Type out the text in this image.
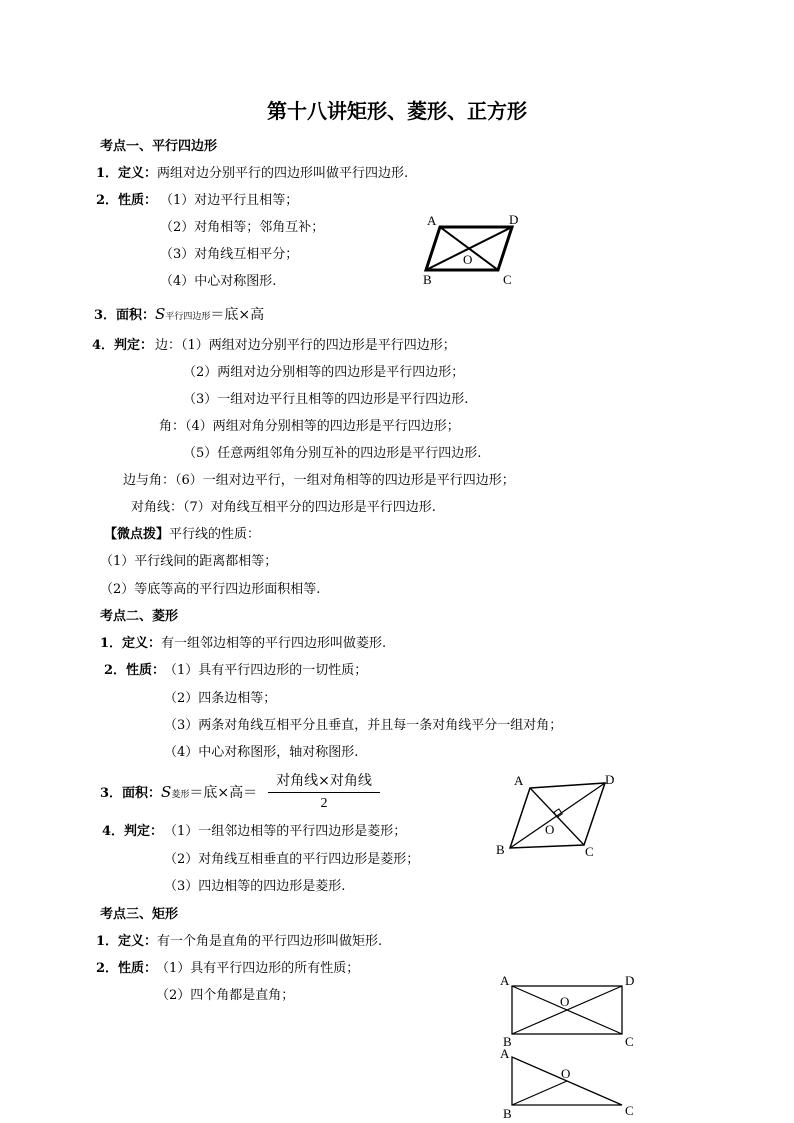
第十八讲矩形、菱形、正方形
考点一、平行四边形
1．定义：两组对边分别平行的四边形叫做平行四边形.
2．性质： （1）对边平行且相等；
（2）对角相等；邻角互补；
（3）对角线互相平分；
（4）中心对称图形.
A	D
B	C
O
3．面积：S平行四边形＝底×高
4．判定： 边：（1）两组对边分别平行的四边形是平行四边形；
（2）两组对边分别相等的四边形是平行四边形；
（3）一组对边平行且相等的四边形是平行四边形.
角：（4）两组对角分别相等的四边形是平行四边形；
（5）任意两组邻角分别互补的四边形是平行四边形.
边与角：（6）一组对边平行，一组对角相等的四边形是平行四边形；
对角线：（7）对角线互相平分的四边形是平行四边形.
【微点拨】平行线的性质：
（1）平行线间的距离都相等；
（2）等底等高的平行四边形面积相等.
考点二、菱形
1．定义：有一组邻边相等的平行四边形叫做菱形.
2．性质：
（1）具有平行四边形的一切性质；
（2）四条边相等；
（3）两条对角线互相平分且垂直，并且每一条对角线平分一组对角；
（4）中心对称图形，轴对称图形.
3．面积：S菱形＝底×高＝
对角线×对角线
2
A	D
B	C
O
4．判定： （1）一组邻边相等的平行四边形是菱形；
（2）对角线互相垂直的平行四边形是菱形；
（3）四边相等的四边形是菱形.
考点三、矩形
1．定义：有一个角是直角的平行四边形叫做矩形.
2．性质：
（1）具有平行四边形的所有性质；
（2）四个角都是直角；
A	D
B	C
O
A
B	C
O
